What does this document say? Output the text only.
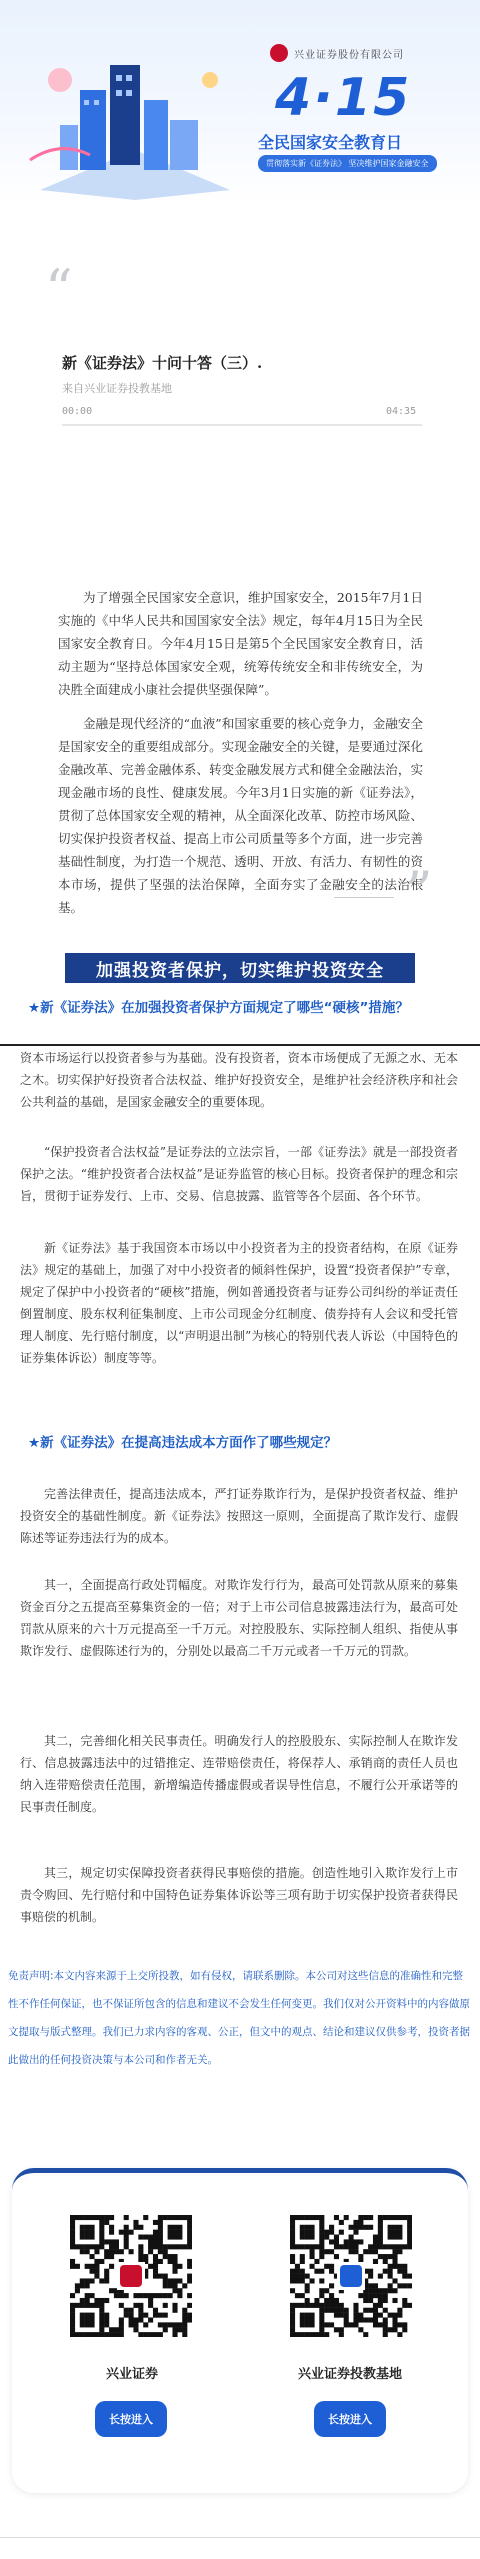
兴业证券股份有限公司
4·15
全民国家安全教育日
贯彻落实新《证券法》 坚决维护国家金融安全
“
新《证券法》十问十答（三）.
来自兴业证券投教基地
00:00	04:35

为了增强全民国家安全意识，维护国家安全，2015年7月1日实施的《中华人民共和国国家安全法》规定，每年4月15日为全民国家安全教育日。今年4月15日是第5个全民国家安全教育日，活动主题为“坚持总体国家安全观，统筹传统安全和非传统安全，为决胜全面建成小康社会提供坚强保障”。

金融是现代经济的“血液”和国家重要的核心竞争力，金融安全是国家安全的重要组成部分。实现金融安全的关键，是要通过深化金融改革、完善金融体系、转变金融发展方式和健全金融法治，实现金融市场的良性、健康发展。今年3月1日实施的新《证券法》，贯彻了总体国家安全观的精神，从全面深化改革、防控市场风险、切实保护投资者权益、提高上市公司质量等多个方面，进一步完善基础性制度，为打造一个规范、透明、开放、有活力、有韧性的资本市场，提供了坚强的法治保障，全面夯实了金融安全的法治根基。	”
加强投资者保护，切实维护投资安全

★新《证券法》在加强投资者保护方面规定了哪些“硬核”措施？

资本市场运行以投资者参与为基础。没有投资者，资本市场便成了无源之水、无本之木。切实保护好投资者合法权益、维护好投资安全，是维护社会经济秩序和社会公共利益的基础，是国家金融安全的重要体现。

“保护投资者合法权益”是证券法的立法宗旨，一部《证券法》就是一部投资者保护之法。“维护投资者合法权益”是证券监管的核心目标。投资者保护的理念和宗旨，贯彻于证券发行、上市、交易、信息披露、监管等各个层面、各个环节。

新《证券法》基于我国资本市场以中小投资者为主的投资者结构，在原《证券法》规定的基础上，加强了对中小投资者的倾斜性保护，设置“投资者保护”专章，规定了保护中小投资者的“硬核”措施，例如普通投资者与证券公司纠纷的举证责任倒置制度、股东权利征集制度、上市公司现金分红制度、债券持有人会议和受托管理人制度、先行赔付制度，以“声明退出制”为核心的特别代表人诉讼（中国特色的证券集体诉讼）制度等等。

★新《证券法》在提高违法成本方面作了哪些规定？

完善法律责任，提高违法成本，严打证券欺诈行为，是保护投资者权益、维护投资安全的基础性制度。新《证券法》按照这一原则，全面提高了欺诈发行、虚假陈述等证券违法行为的成本。

其一，全面提高行政处罚幅度。对欺诈发行行为，最高可处罚款从原来的募集资金百分之五提高至募集资金的一倍；对于上市公司信息披露违法行为，最高可处罚款从原来的六十万元提高至一千万元。对控股股东、实际控制人组织、指使从事欺诈发行、虚假陈述行为的，分别处以最高二千万元或者一千万元的罚款。

其二，完善细化相关民事责任。明确发行人的控股股东、实际控制人在欺诈发行、信息披露违法中的过错推定、连带赔偿责任，将保荐人、承销商的责任人员也纳入连带赔偿责任范围，新增编造传播虚假或者误导性信息，不履行公开承诺等的民事责任制度。

其三，规定切实保障投资者获得民事赔偿的措施。创造性地引入欺诈发行上市责令购回、先行赔付和中国特色证券集体诉讼等三项有助于切实保护投资者获得民事赔偿的机制。

免责声明:本文内容来源于上交所投教，如有侵权，请联系删除。本公司对这些信息的准确性和完整性不作任何保证，也不保证所包含的信息和建议不会发生任何变更。我们仅对公开资料中的内容做原文提取与版式整理。我们已力求内容的客观、公正，但文中的观点、结论和建议仅供参考，投资者据此做出的任何投资决策与本公司和作者无关。

兴业证券	兴业证券投教基地
长按进入	长按进入
